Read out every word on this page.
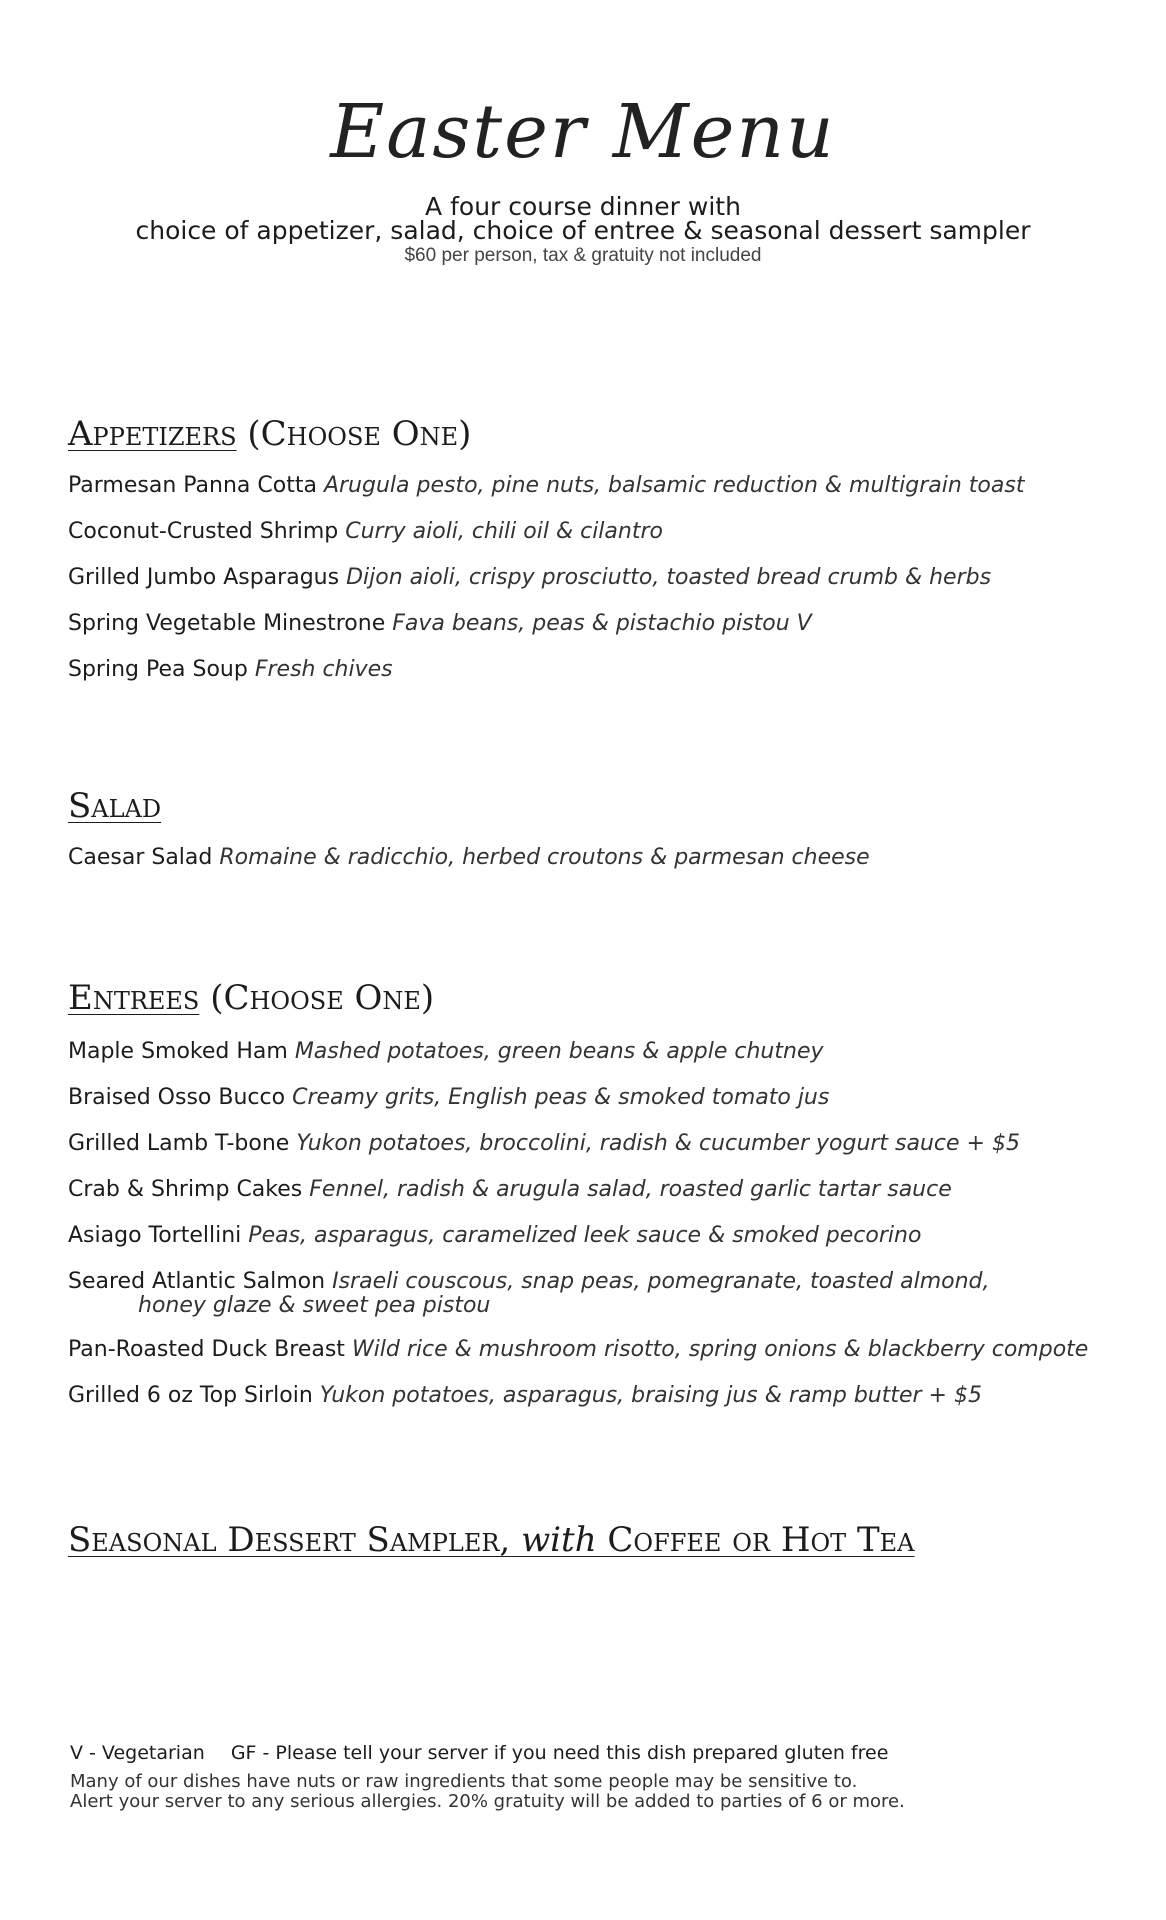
Easter Menu
A four course dinner with
choice of appetizer, salad, choice of entree & seasonal dessert sampler
$60 per person, tax & gratuity not included
Appetizers (Choose One)
Parmesan Panna Cotta Arugula pesto, pine nuts, balsamic reduction & multigrain toast
Coconut-Crusted Shrimp Curry aioli, chili oil & cilantro
Grilled Jumbo Asparagus Dijon aioli, crispy prosciutto, toasted bread crumb & herbs
Spring Vegetable Minestrone Fava beans, peas & pistachio pistou V
Spring Pea Soup Fresh chives
Salad
Caesar Salad Romaine & radicchio, herbed croutons & parmesan cheese
Entrees (Choose One)
Maple Smoked Ham Mashed potatoes, green beans & apple chutney
Braised Osso Bucco Creamy grits, English peas & smoked tomato jus
Grilled Lamb T-bone Yukon potatoes, broccolini, radish & cucumber yogurt sauce + $5
Crab & Shrimp Cakes Fennel, radish & arugula salad, roasted garlic tartar sauce
Asiago Tortellini Peas, asparagus, caramelized leek sauce & smoked pecorino
Seared Atlantic Salmon Israeli couscous, snap peas, pomegranate, toasted almond,
honey glaze & sweet pea pistou
Pan-Roasted Duck Breast Wild rice & mushroom risotto, spring onions & blackberry compote
Grilled 6 oz Top Sirloin Yukon potatoes, asparagus, braising jus & ramp butter + $5
Seasonal Dessert Sampler, with Coffee or Hot Tea
V - Vegetarian GF - Please tell your server if you need this dish prepared gluten free
Many of our dishes have nuts or raw ingredients that some people may be sensitive to.
Alert your server to any serious allergies. 20% gratuity will be added to parties of 6 or more.
